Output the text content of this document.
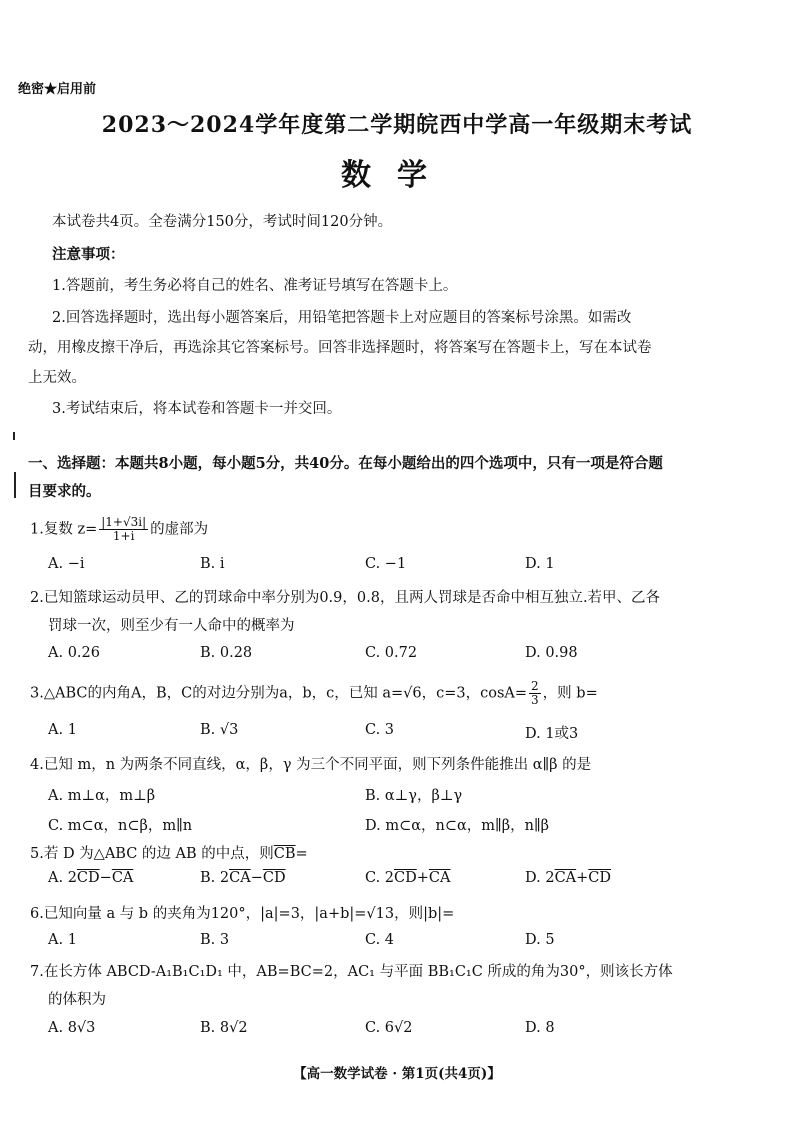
绝密★启用前
2023～2024学年度第二学期皖西中学高一年级期末考试
数学
本试卷共4页。全卷满分150分，考试时间120分钟。
注意事项：
1.答题前，考生务必将自己的姓名、准考证号填写在答题卡上。
2.回答选择题时，选出每小题答案后，用铅笔把答题卡上对应题目的答案标号涂黑。如需改
动，用橡皮擦干净后，再选涂其它答案标号。回答非选择题时，将答案写在答题卡上，写在本试卷
上无效。
3.考试结束后，将本试卷和答题卡一并交回。
一、选择题：本题共8小题，每小题5分，共40分。在每小题给出的四个选项中，只有一项是符合题
目要求的。
1.复数 $z= \frac{|1+√3i|}{1+i}$ 的虚部为
A. −i	B. i	C. −1	D. 1
2.已知篮球运动员甲、乙的罚球命中率分别为0.9，0.8，且两人罚球是否命中相互独立.若甲、乙各
罚球一次，则至少有一人命中的概率为
A. 0.26	B. 0.28	C. 0.72	D. 0.98
3.△ABC的内角A，B，C的对边分别为a，b，c，已知 a=√6，c=3，$\cos A= \frac{2}{3}$ ，则 b=
A. 1	B. √3	C. 3	D. 1或3
4.已知 m，n 为两条不同直线，α，β，γ 为三个不同平面，则下列条件能推出 α∥β 的是
A. m⊥α，m⊥β	B. α⊥γ，β⊥γ
C. m⊂α，n⊂β，m∥n	D. m⊂α，n⊂α，m∥β，n∥β
5.若 D 为△ABC 的边 AB 的中点，则$\overline{CB}=$
A. $2\overline{CD}-\overline{CA}$	B. $2\overline{CA}-\overline{CD}$	C. $2\overline{CD}+\overline{CA}$	D. $2\overline{CA}+\overline{CD}$
6.已知向量 a 与 b 的夹角为120°，|a|=3，|a+b|=√13，则|b|=
A. 1	B. 3	C. 4	D. 5
7.在长方体 ABCD-A₁B₁C₁D₁ 中，AB=BC=2，AC₁ 与平面 BB₁C₁C 所成的角为30°，则该长方体
的体积为
A. 8√3	B. 8√2	C. 6√2	D. 8
【高一数学试卷 · 第1页(共4页)】
